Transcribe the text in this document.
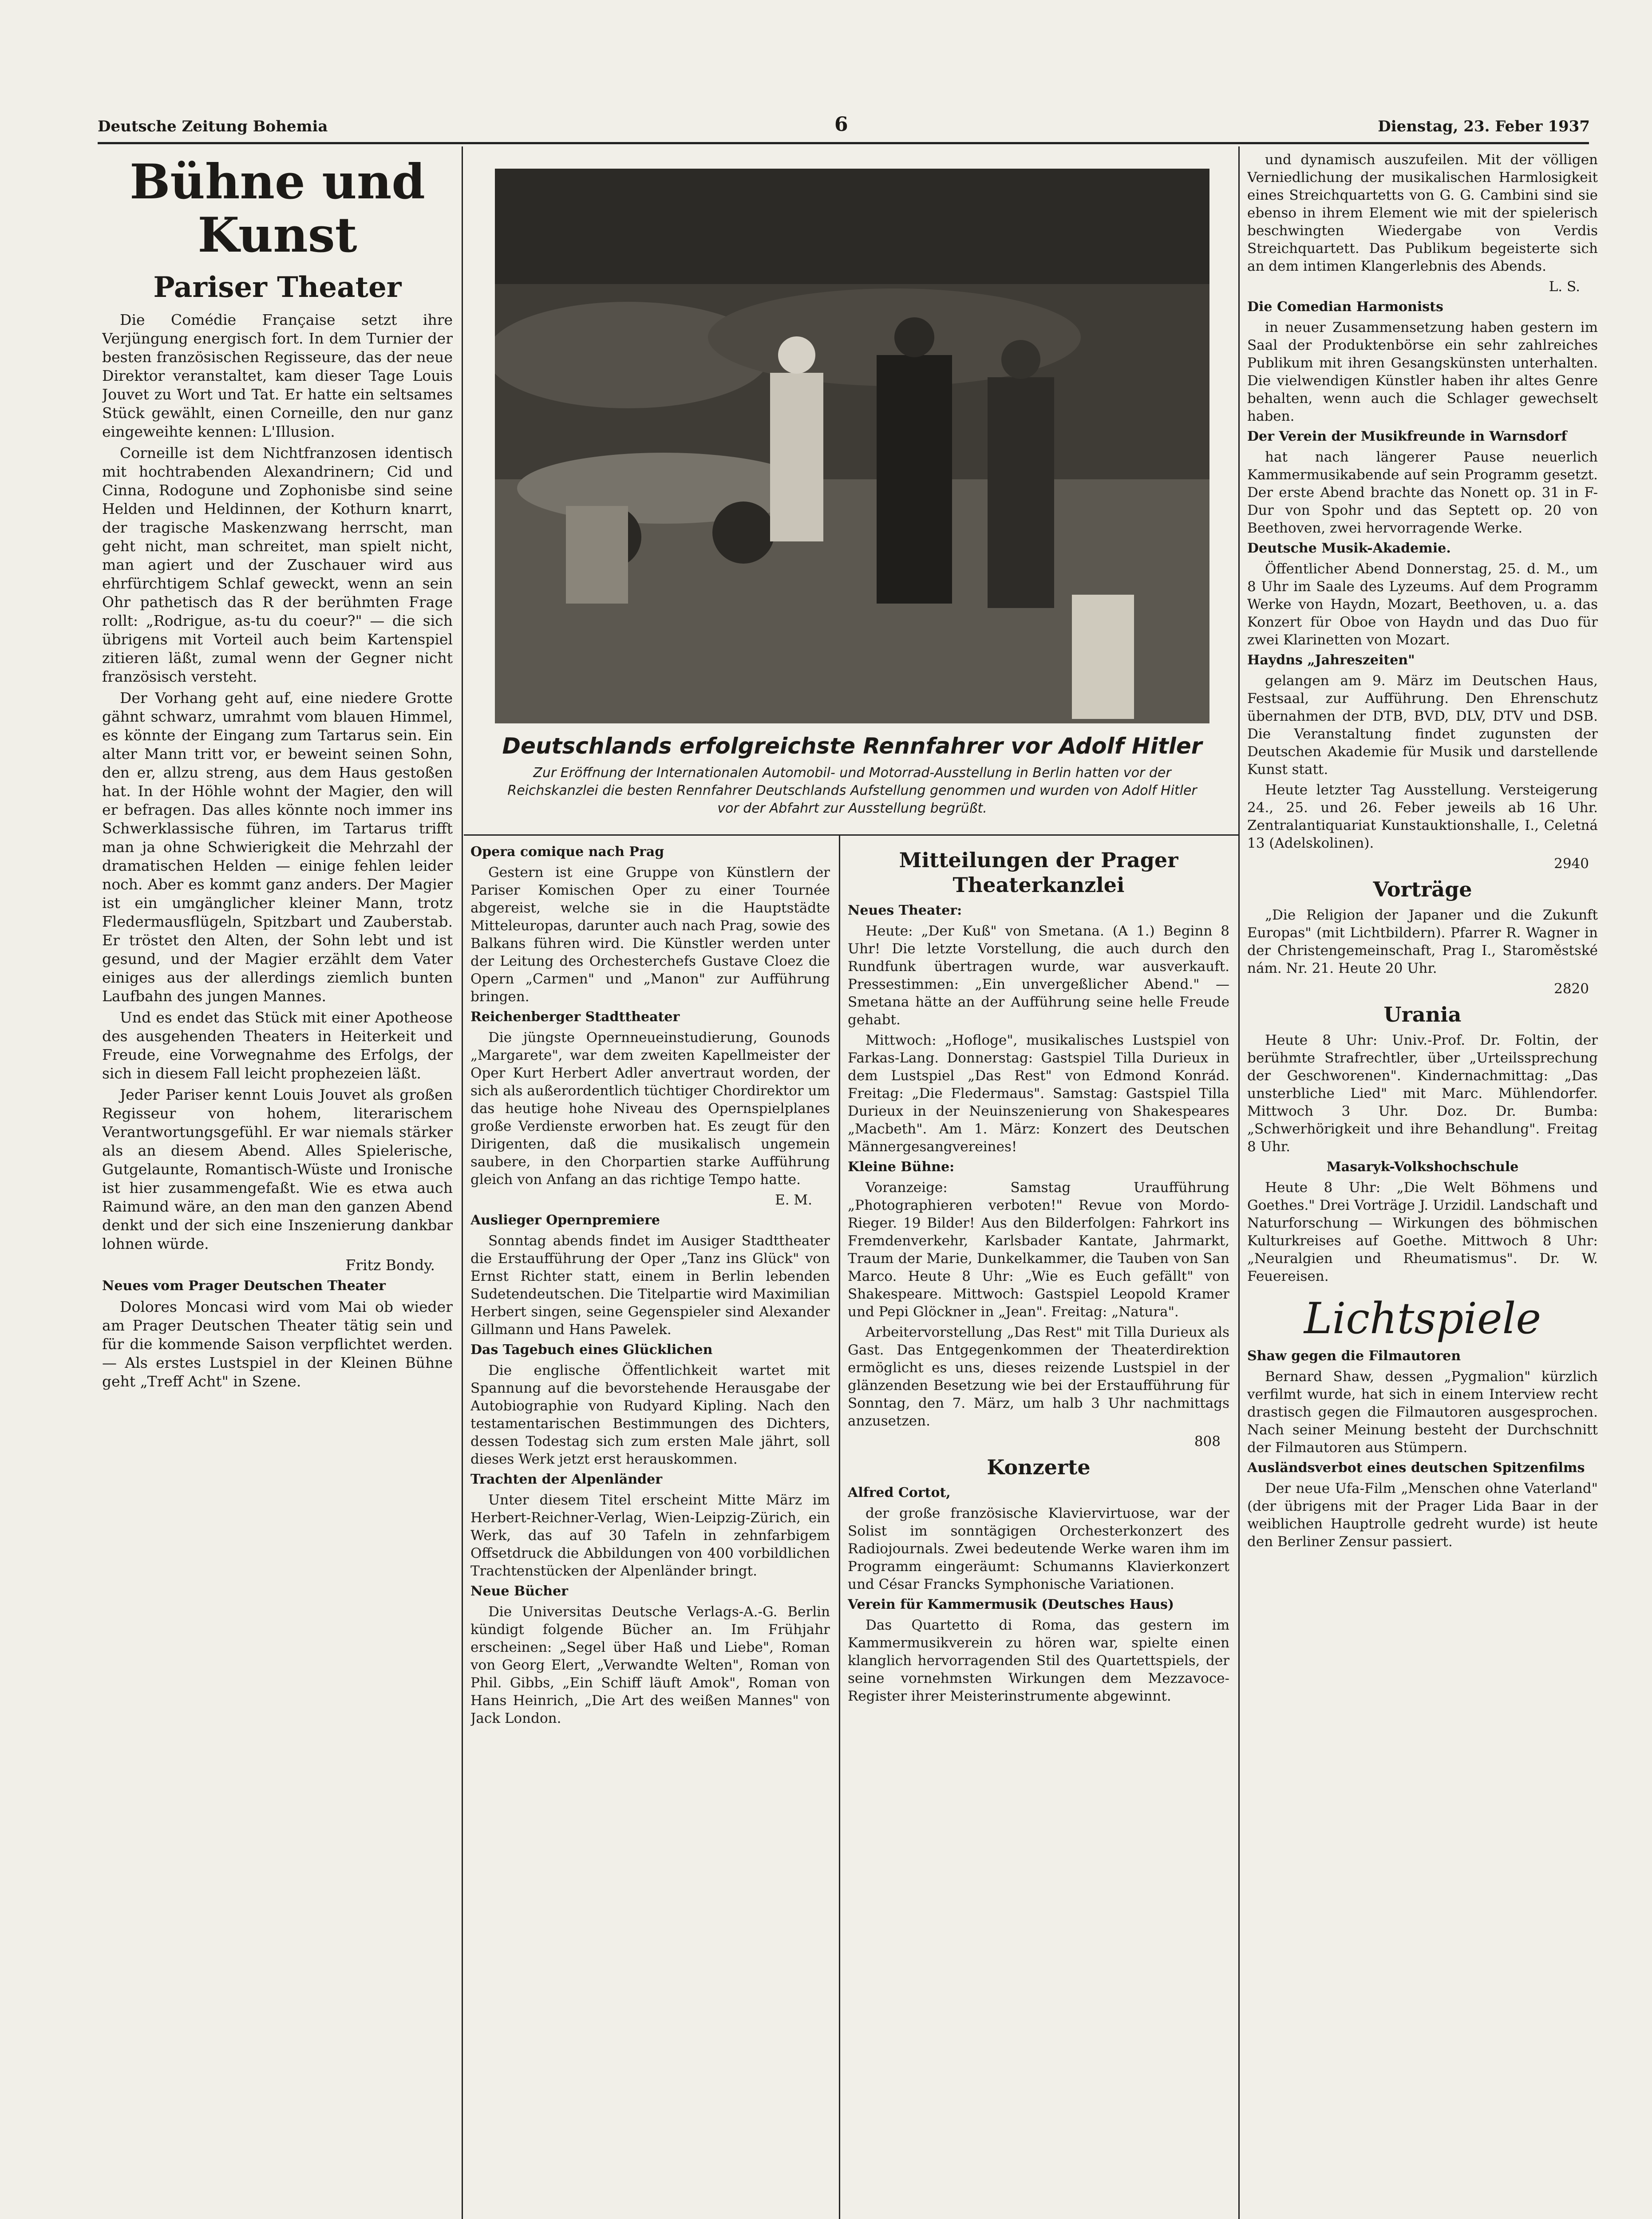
Deutsche Zeitung Bohemia	6	Dienstag, 23. Feber 1937
Bühne und Kunst
Pariser Theater

Die Comédie Française setzt ihre Verjüngung energisch fort. In dem Turnier der besten französischen Regisseure, das der neue Direktor veranstaltet, kam dieser Tage Louis Jouvet zu Wort und Tat. Er hatte ein seltsames Stück gewählt, einen Corneille, den nur ganz eingeweihte kennen: L'Illusion.

Corneille ist dem Nichtfranzosen identisch mit hochtrabenden Alexandrinern; Cid und Cinna, Rodogune und Zophonisbe sind seine Helden und Heldinnen, der Kothurn knarrt, der tragische Maskenzwang herrscht, man geht nicht, man schreitet, man spielt nicht, man agiert und der Zuschauer wird aus ehrfürchtigem Schlaf geweckt, wenn an sein Ohr pathetisch das R der berühmten Frage rollt: „Rodrigue, as-tu du coeur?" — die sich übrigens mit Vorteil auch beim Kartenspiel zitieren läßt, zumal wenn der Gegner nicht französisch versteht.

Der Vorhang geht auf, eine niedere Grotte gähnt schwarz, umrahmt vom blauen Himmel, es könnte der Eingang zum Tartarus sein. Ein alter Mann tritt vor, er beweint seinen Sohn, den er, allzu streng, aus dem Haus gestoßen hat. In der Höhle wohnt der Magier, den will er befragen. Das alles könnte noch immer ins Schwerklassische führen, im Tartarus trifft man ja ohne Schwierigkeit die Mehrzahl der dramatischen Helden — einige fehlen leider noch. Aber es kommt ganz anders. Der Magier ist ein umgänglicher kleiner Mann, trotz Fledermausflügeln, Spitzbart und Zauberstab. Er tröstet den Alten, der Sohn lebt und ist gesund, und der Magier erzählt dem Vater einiges aus der allerdings ziemlich bunten Laufbahn des jungen Mannes.

Und es endet das Stück mit einer Apotheose des ausgehenden Theaters in Heiterkeit und Freude, eine Vorwegnahme des Erfolgs, der sich in diesem Fall leicht prophezeien läßt.

Jeder Pariser kennt Louis Jouvet als großen Regisseur von hohem, literarischem Verantwortungsgefühl. Er war niemals stärker als an diesem Abend. Alles Spielerische, Gutgelaunte, Romantisch-Wüste und Ironische ist hier zusammengefaßt. Wie es etwa auch Raimund wäre, an den man den ganzen Abend denkt und der sich eine Inszenierung dankbar lohnen würde.

Fritz Bondy.

Neues vom Prager Deutschen Theater

Dolores Moncasi wird vom Mai ob wieder am Prager Deutschen Theater tätig sein und für die kommende Saison verpflichtet werden. — Als erstes Lustspiel in der Kleinen Bühne geht „Treff Acht" in Szene.

Deutschlands erfolgreichste Rennfahrer vor Adolf Hitler
Zur Eröffnung der Internationalen Automobil- und Motorrad-Ausstellung in Berlin hatten vor der Reichskanzlei die besten Rennfahrer Deutschlands Aufstellung genommen und wurden von Adolf Hitler vor der Abfahrt zur Ausstellung begrüßt.

Opera comique nach Prag

Gestern ist eine Gruppe von Künstlern der Pariser Komischen Oper zu einer Tournée abgereist, welche sie in die Hauptstädte Mitteleuropas, darunter auch nach Prag, sowie des Balkans führen wird. Die Künstler werden unter der Leitung des Orchesterchefs Gustave Cloez die Opern „Carmen" und „Manon" zur Aufführung bringen.

Reichenberger Stadttheater

Die jüngste Opernneueinstudierung, Gounods „Margarete", war dem zweiten Kapellmeister der Oper Kurt Herbert Adler anvertraut worden, der sich als außerordentlich tüchtiger Chordirektor um das heutige hohe Niveau des Opernspielplanes große Verdienste erworben hat. Es zeugt für den Dirigenten, daß die musikalisch ungemein saubere, in den Chorpartien starke Aufführung gleich von Anfang an das richtige Tempo hatte.

E. M.

Auslieger Opernpremiere

Sonntag abends findet im Ausiger Stadttheater die Erstaufführung der Oper „Tanz ins Glück" von Ernst Richter statt, einem in Berlin lebenden Sudetendeutschen. Die Titelpartie wird Maximilian Herbert singen, seine Gegenspieler sind Alexander Gillmann und Hans Pawelek.

Das Tagebuch eines Glücklichen

Die englische Öffentlichkeit wartet mit Spannung auf die bevorstehende Herausgabe der Autobiographie von Rudyard Kipling. Nach den testamentarischen Bestimmungen des Dichters, dessen Todestag sich zum ersten Male jährt, soll dieses Werk jetzt erst herauskommen.

Trachten der Alpenländer

Unter diesem Titel erscheint Mitte März im Herbert-Reichner-Verlag, Wien-Leipzig-Zürich, ein Werk, das auf 30 Tafeln in zehnfarbigem Offsetdruck die Abbildungen von 400 vorbildlichen Trachtenstücken der Alpenländer bringt.

Neue Bücher

Die Universitas Deutsche Verlags-A.-G. Berlin kündigt folgende Bücher an. Im Frühjahr erscheinen: „Segel über Haß und Liebe", Roman von Georg Elert, „Verwandte Welten", Roman von Phil. Gibbs, „Ein Schiff läuft Amok", Roman von Hans Heinrich, „Die Art des weißen Mannes" von Jack London.

Mitteilungen der Prager Theaterkanzlei

Neues Theater:

Heute: „Der Kuß" von Smetana. (A 1.) Beginn 8 Uhr! Die letzte Vorstellung, die auch durch den Rundfunk übertragen wurde, war ausverkauft. Pressestimmen: „Ein unvergeßlicher Abend." — Smetana hätte an der Aufführung seine helle Freude gehabt.

Mittwoch: „Hofloge", musikalisches Lustspiel von Farkas-Lang. Donnerstag: Gastspiel Tilla Durieux in dem Lustspiel „Das Rest" von Edmond Konrád. Freitag: „Die Fledermaus". Samstag: Gastspiel Tilla Durieux in der Neuinszenierung von Shakespeares „Macbeth". Am 1. März: Konzert des Deutschen Männergesangvereines!

Kleine Bühne:

Voranzeige: Samstag Uraufführung „Photographieren verboten!" Revue von Mordo-Rieger. 19 Bilder! Aus den Bilderfolgen: Fahrkort ins Fremdenverkehr, Karlsbader Kantate, Jahrmarkt, Traum der Marie, Dunkelkammer, die Tauben von San Marco. Heute 8 Uhr: „Wie es Euch gefällt" von Shakespeare. Mittwoch: Gastspiel Leopold Kramer und Pepi Glöckner in „Jean". Freitag: „Natura".

Arbeitervorstellung „Das Rest" mit Tilla Durieux als Gast. Das Entgegenkommen der Theaterdirektion ermöglicht es uns, dieses reizende Lustspiel in der glänzenden Besetzung wie bei der Erstaufführung für Sonntag, den 7. März, um halb 3 Uhr nachmittags anzusetzen.

808

Konzerte

Alfred Cortot,

der große französische Klaviervirtuose, war der Solist im sonntägigen Orchesterkonzert des Radiojournals. Zwei bedeutende Werke waren ihm im Programm eingeräumt: Schumanns Klavierkonzert und César Francks Symphonische Variationen.

Verein für Kammermusik (Deutsches Haus)

Das Quartetto di Roma, das gestern im Kammermusikverein zu hören war, spielte einen klanglich hervorragenden Stil des Quartettspiels, der seine vornehmsten Wirkungen dem Mezzavoce-Register ihrer Meisterinstrumente abgewinnt.

und dynamisch auszufeilen. Mit der völligen Verniedlichung der musikalischen Harmlosigkeit eines Streichquartetts von G. G. Cambini sind sie ebenso in ihrem Element wie mit der spielerisch beschwingten Wiedergabe von Verdis Streichquartett. Das Publikum begeisterte sich an dem intimen Klangerlebnis des Abends.

L. S.

Die Comedian Harmonists

in neuer Zusammensetzung haben gestern im Saal der Produktenbörse ein sehr zahlreiches Publikum mit ihren Gesangskünsten unterhalten. Die vielwendigen Künstler haben ihr altes Genre behalten, wenn auch die Schlager gewechselt haben.

Der Verein der Musikfreunde in Warnsdorf

hat nach längerer Pause neuerlich Kammermusikabende auf sein Programm gesetzt. Der erste Abend brachte das Nonett op. 31 in F-Dur von Spohr und das Septett op. 20 von Beethoven, zwei hervorragende Werke.

Deutsche Musik-Akademie.

Öffentlicher Abend Donnerstag, 25. d. M., um 8 Uhr im Saale des Lyzeums. Auf dem Programm Werke von Haydn, Mozart, Beethoven, u. a. das Konzert für Oboe von Haydn und das Duo für zwei Klarinetten von Mozart.

Haydns „Jahreszeiten"

gelangen am 9. März im Deutschen Haus, Festsaal, zur Aufführung. Den Ehrenschutz übernahmen der DTB, BVD, DLV, DTV und DSB. Die Veranstaltung findet zugunsten der Deutschen Akademie für Musik und darstellende Kunst statt.

Heute letzter Tag Ausstellung. Versteigerung 24., 25. und 26. Feber jeweils ab 16 Uhr. Zentralantiquariat Kunstauktionshalle, I., Celetná 13 (Adelskolinen).

2940

Vorträge

„Die Religion der Japaner und die Zukunft Europas" (mit Lichtbildern). Pfarrer R. Wagner in der Christengemeinschaft, Prag I., Staroměstské nám. Nr. 21. Heute 20 Uhr.

2820

Urania

Heute 8 Uhr: Univ.-Prof. Dr. Foltin, der berühmte Strafrechtler, über „Urteilssprechung der Geschworenen". Kindernachmittag: „Das unsterbliche Lied" mit Marc. Mühlendorfer. Mittwoch 3 Uhr. Doz. Dr. Bumba: „Schwerhörigkeit und ihre Behandlung". Freitag 8 Uhr.

Masaryk-Volkshochschule

Heute 8 Uhr: „Die Welt Böhmens und Goethes." Drei Vorträge J. Urzidil. Landschaft und Naturforschung — Wirkungen des böhmischen Kulturkreises auf Goethe. Mittwoch 8 Uhr: „Neuralgien und Rheumatismus". Dr. W. Feuereisen.

Lichtspiele

Shaw gegen die Filmautoren

Bernard Shaw, dessen „Pygmalion" kürzlich verfilmt wurde, hat sich in einem Interview recht drastisch gegen die Filmautoren ausgesprochen. Nach seiner Meinung besteht der Durchschnitt der Filmautoren aus Stümpern.

Ausländsverbot eines deutschen Spitzenfilms

Der neue Ufa-Film „Menschen ohne Vaterland" (der übrigens mit der Prager Lida Baar in der weiblichen Hauptrolle gedreht wurde) ist heute den Berliner Zensur passiert.
